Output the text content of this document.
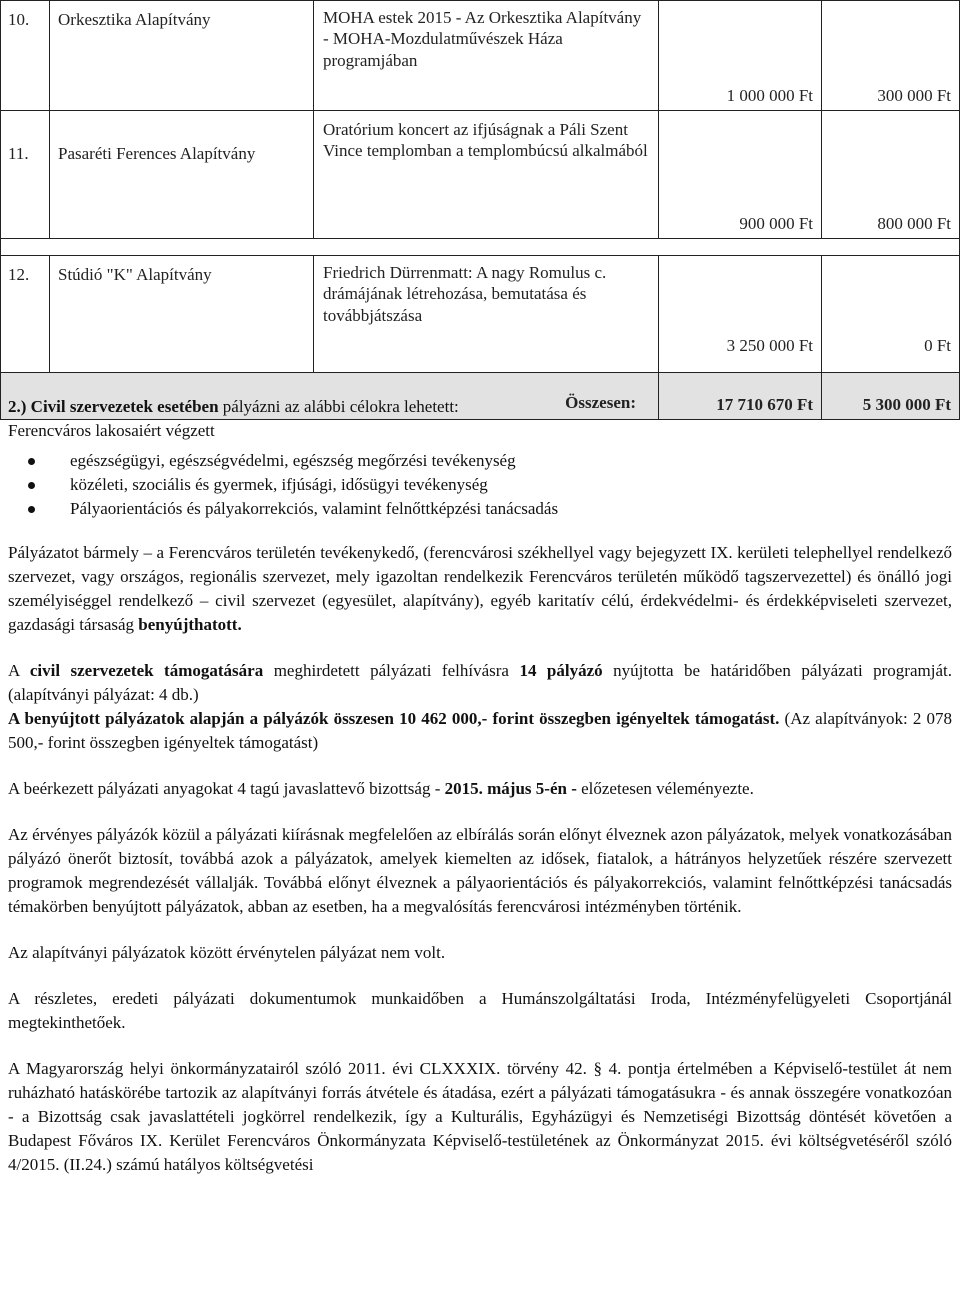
10.	Orkesztika Alapítvány	MOHA estek 2015 - Az Orkesztika Alapítvány - MOHA-Mozdulatművészek Háza programjában	1 000 000 Ft	300 000 Ft
11.	Pasaréti Ferences Alapítvány	Oratórium koncert az ifjúságnak a Páli Szent Vince templomban a templombúcsú alkalmából	900 000 Ft	800 000 Ft

12.	Stúdió "K" Alapítvány	Friedrich Dürrenmatt: A nagy Romulus c. drámájának létrehozása, bemutatása és továbbjátszása	3 250 000 Ft	0 Ft
Összesen:			17 710 670 Ft	5 300 000 Ft

2.) Civil szervezetek esetében pályázni az alábbi célokra lehetett:

Ferencváros lakosaiért végzett

egészségügyi, egészségvédelmi, egészség megőrzési tevékenység
közéleti, szociális és gyermek, ifjúsági, idősügyi tevékenység
Pályaorientációs és pályakorrekciós, valamint felnőttképzési tanácsadás

Pályázatot bármely – a Ferencváros területén tevékenykedő, (ferencvárosi székhellyel vagy bejegyzett IX. kerületi telephellyel rendelkező szervezet, vagy országos, regionális szervezet, mely igazoltan rendelkezik Ferencváros területén működő tagszervezettel) és önálló jogi személyiséggel rendelkező – civil szervezet (egyesület, alapítvány), egyéb karitatív célú, érdekvédelmi- és érdekképviseleti szervezet, gazdasági társaság benyújthatott.

A civil szervezetek támogatására meghirdetett pályázati felhívásra 14 pályázó nyújtotta be határidőben pályázati programját. (alapítványi pályázat: 4 db.)

A benyújtott pályázatok alapján a pályázók összesen 10 462 000,- forint összegben igényeltek támogatást. (Az alapítványok: 2 078 500,- forint összegben igényeltek támogatást)

A beérkezett pályázati anyagokat 4 tagú javaslattevő bizottság - 2015. május 5-én - előzetesen véleményezte.

Az érvényes pályázók közül a pályázati kiírásnak megfelelően az elbírálás során előnyt élveznek azon pályázatok, melyek vonatkozásában pályázó önerőt biztosít, továbbá azok a pályázatok, amelyek kiemelten az idősek, fiatalok, a hátrányos helyzetűek részére szervezett programok megrendezését vállalják. Továbbá előnyt élveznek a pályaorientációs és pályakorrekciós, valamint felnőttképzési tanácsadás témakörben benyújtott pályázatok, abban az esetben, ha a megvalósítás ferencvárosi intézményben történik.

Az alapítványi pályázatok között érvénytelen pályázat nem volt.

A részletes, eredeti pályázati dokumentumok munkaidőben a Humánszolgáltatási Iroda, Intézményfelügyeleti Csoportjánál megtekinthetőek.

A Magyarország helyi önkormányzatairól szóló 2011. évi CLXXXIX. törvény 42. § 4. pontja értelmében a Képviselő-testület át nem ruházható hatáskörébe tartozik az alapítványi forrás átvétele és átadása, ezért a pályázati támogatásukra - és annak összegére vonatkozóan - a Bizottság csak javaslattételi jogkörrel rendelkezik, így a Kulturális, Egyházügyi és Nemzetiségi Bizottság döntését követően a Budapest Főváros IX. Kerület Ferencváros Önkormányzata Képviselő-testületének az Önkormányzat 2015. évi költségvetéséről szóló 4/2015. (II.24.) számú hatályos költségvetési
